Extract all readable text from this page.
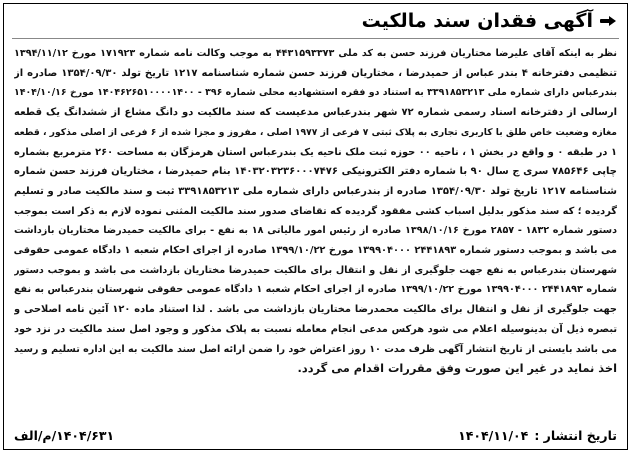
آگهی فقدان سند مالکیت
نظر به اینکه آقای علیرضا مختاریان فرزند حسن به کد ملی ۴۴۳۱۵۹۳۳۷۳ به موجب وکالت نامه شماره ۱۷۱۹۲۳ مورخ ۱۳۹۴/۱۱/۱۲
تنظیمی دفترخانه ۴ بندر عباس از حمیدرضا ، مختاریان فرزند حسن شماره شناسنامه ۱۲۱۷ تاریخ تولد ۱۳۵۴/۰۹/۳۰ صادره از
بندرعباس دارای شماره ملی ۳۳۹۱۸۵۳۲۱۳ به استناد دو فقره استشهادیه محلی شماره ۳۹۶ - ۱۴۰۴۶۲۶۵۱۰۰۰۰۱۴۰۰ مورخ ۱۴۰۴/۱۰/۱۶
ارسالی از دفترخانه اسناد رسمی شماره ۷۲ شهر بندرعباس مدعیست که سند مالکیت دو دانگ مشاع از ششدانگ یک قطعه
مغازه وضعیت خاص طلق با کاربری تجاری به پلاک ثبتی ۷ فرعی از ۱۹۷۷ اصلی ، مفروز و مجزا شده از ۶ فرعی از اصلی مذکور ، قطعه
۱ در طبقه ۰ و واقع در بخش ۱ ، ناحیه ۰۰ حوزه ثبت ملک ناحیه یک بندرعباس استان هرمزگان به مساحت ۲۶۰ مترمربع بشماره
چاپی ۷۸۵۶۴۶ سری ج سال ۹۰ با شماره دفتر الکترونیکی ۱۴۰۳۲۰۳۲۳۶۰۰۰۷۴۷۶ بنام حمیدرضا ، مختاریان فرزند حسن شماره
شناسنامه ۱۲۱۷ تاریخ تولد ۱۳۵۴/۰۹/۳۰ صادره از بندرعباس دارای شماره ملی ۳۳۹۱۸۵۳۲۱۳ ثبت و سند مالکیت صادر و تسلیم
گردیده ؛ که سند مذکور بدلیل اسباب کشی مفقود گردیده که تقاضای صدور سند مالکیت المثنی نموده لازم به ذکر است بموجب
دستور شماره ۱۸۳۲ - ۲۸۵۷ مورخ ۱۳۹۸/۱۰/۱۶ صادره از رئیس امور مالیاتی ۱۸ به نفع - برای مالکیت حمیدرضا مختاریان بازداشت
می باشد و بموجب دستور شماره ۲۴۴۱۸۹۳ ۱۳۹۹۰۴۰۰۰ مورخ ۱۳۹۹/۱۰/۲۲ صادره از اجرای احکام شعبه ۱ دادگاه عمومی حقوقی
شهرستان بندرعباس به نفع جهت جلوگیری از نقل و انتقال برای مالکیت حمیدرضا مختاریان بازداشت می باشد و بموجب دستور
شماره ۲۴۴۱۸۹۳ ۱۳۹۹۰۴۰۰۰ مورخ ۱۳۹۹/۱۰/۲۲ صادره از اجرای احکام شعبه ۱ دادگاه عمومی حقوقی شهرستان بندرعباس به نفع
جهت جلوگیری از نقل و انتقال برای مالکیت محمدرضا مختاریان بازداشت می باشد . لذا استناد ماده ۱۲۰ آئین نامه اصلاحی و
تبصره ذیل آن بدینوسیله اعلام می شود هرکس مدعی انجام معامله نسبت به پلاک مذکور و وجود اصل سند مالکیت در نزد خود
می باشد بایستی از تاریخ انتشار آگهی ظرف مدت ۱۰ روز اعتراض خود را ضمن ارائه اصل سند مالکیت به این اداره تسلیم و رسید
اخذ نماید در غیر این صورت وفق مقررات اقدام می گردد.
تاریخ انتشار :
۱۴۰۴/۱۱/۰۴
۱۴۰۴/۶۳۱/م/الف
